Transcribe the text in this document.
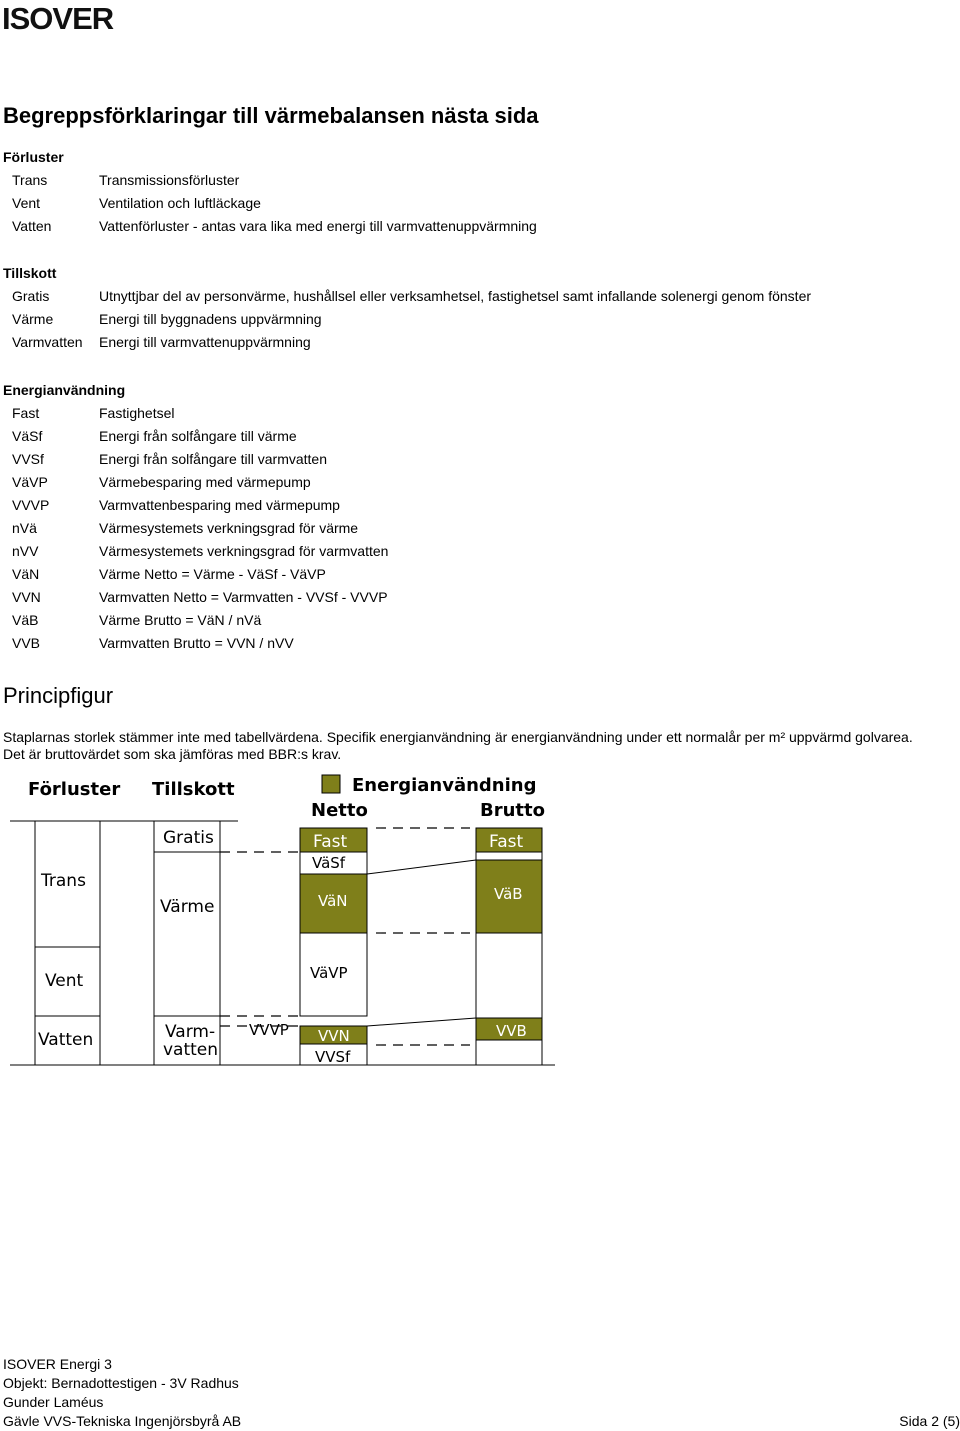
ISOVER
Begreppsförklaringar till värmebalansen nästa sida
Förluster
Trans	Transmissionsförluster
Vent	Ventilation och luftläckage
Vatten	Vattenförluster - antas vara lika med energi till varmvattenuppvärmning
Tillskott
Gratis	Utnyttjbar del av personvärme, hushållsel eller verksamhetsel, fastighetsel samt infallande solenergi genom fönster
Värme	Energi till byggnadens uppvärmning
Varmvatten	Energi till varmvattenuppvärmning
Energianvändning
Fast	Fastighetsel
VäSf	Energi från solfångare till värme
VVSf	Energi från solfångare till varmvatten
VäVP	Värmebesparing med värmepump
VVVP	Varmvattenbesparing med värmepump
nVä	Värmesystemets verkningsgrad för värme
nVV	Värmesystemets verkningsgrad för varmvatten
VäN	Värme Netto = Värme - VäSf - VäVP
VVN	Varmvatten Netto = Varmvatten - VVSf - VVVP
VäB	Värme Brutto = VäN / nVä
VVB	Varmvatten Brutto = VVN / nVV
Principfigur
Staplarnas storlek stämmer inte med tabellvärdena. Specifik energianvändning är energianvändning under ett normalår per m² uppvärmd golvarea. Det är bruttovärdet som ska jämföras med BBR:s krav.
Förluster Tillskott	Energianvändning
Netto	Brutto
Trans
Vent
Vatten
Gratis
Värme
Varm-
vatten
Fast
VäSf
VäN
VäVP
VVN
VVSf
VVVP
Fast
VäB
VVB
ISOVER Energi 3
Objekt: Bernadottestigen - 3V Radhus
Gunder Laméus
Gävle VVS-Tekniska Ingenjörsbyrå AB	Sida 2 (5)
